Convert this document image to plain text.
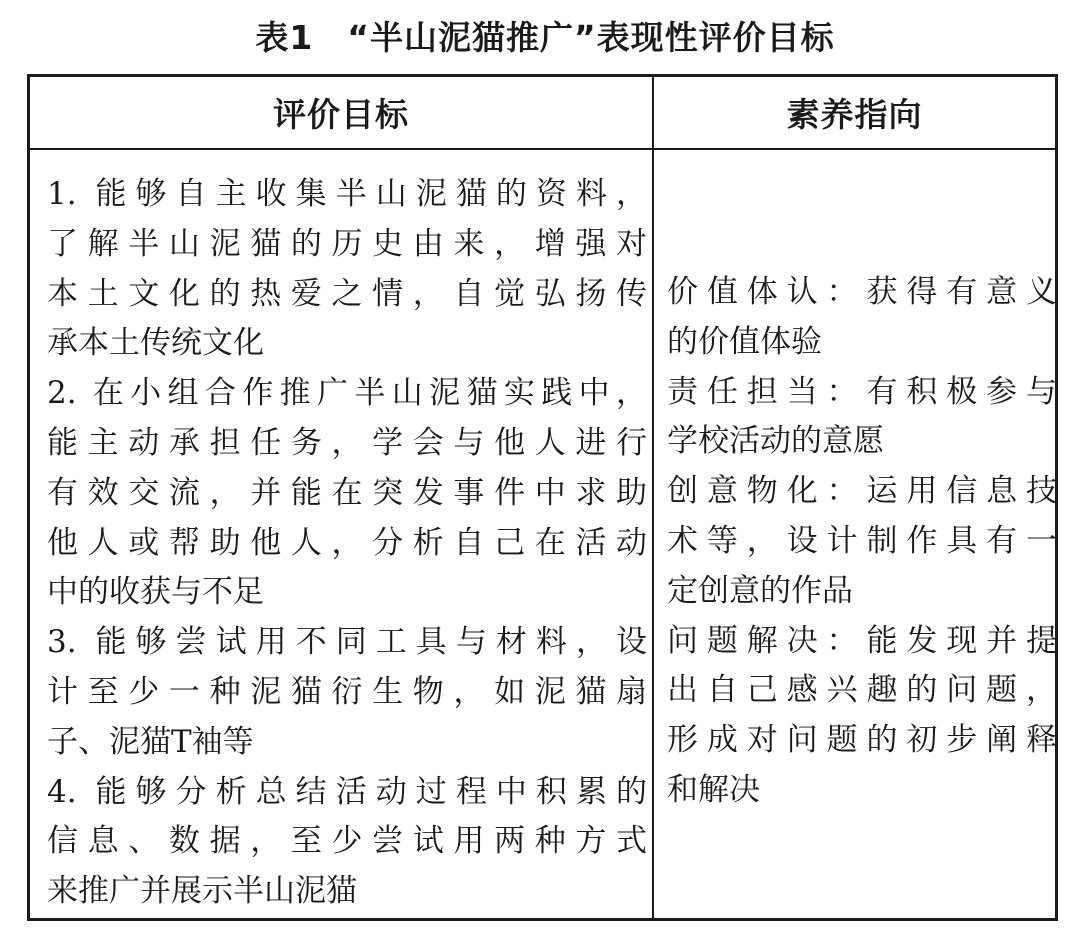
表1　“半山泥猫推广”表现性评价目标
评价目标	素养指向
1. 能够自主收集半山泥猫的资料，
了解半山泥猫的历史由来，增强对
本土文化的热爱之情，自觉弘扬传
承本土传统文化
2. 在小组合作推广半山泥猫实践中，
能主动承担任务，学会与他人进行
有效交流，并能在突发事件中求助
他人或帮助他人，分析自己在活动
中的收获与不足
3. 能够尝试用不同工具与材料，设
计至少一种泥猫衍生物，如泥猫扇
子、泥猫T袖等
4. 能够分析总结活动过程中积累的
信息、数据，至少尝试用两种方式
来推广并展示半山泥猫
价值体认：获得有意义
的价值体验
责任担当：有积极参与
学校活动的意愿
创意物化：运用信息技
术等，设计制作具有一
定创意的作品
问题解决：能发现并提
出自己感兴趣的问题，
形成对问题的初步阐释
和解决
